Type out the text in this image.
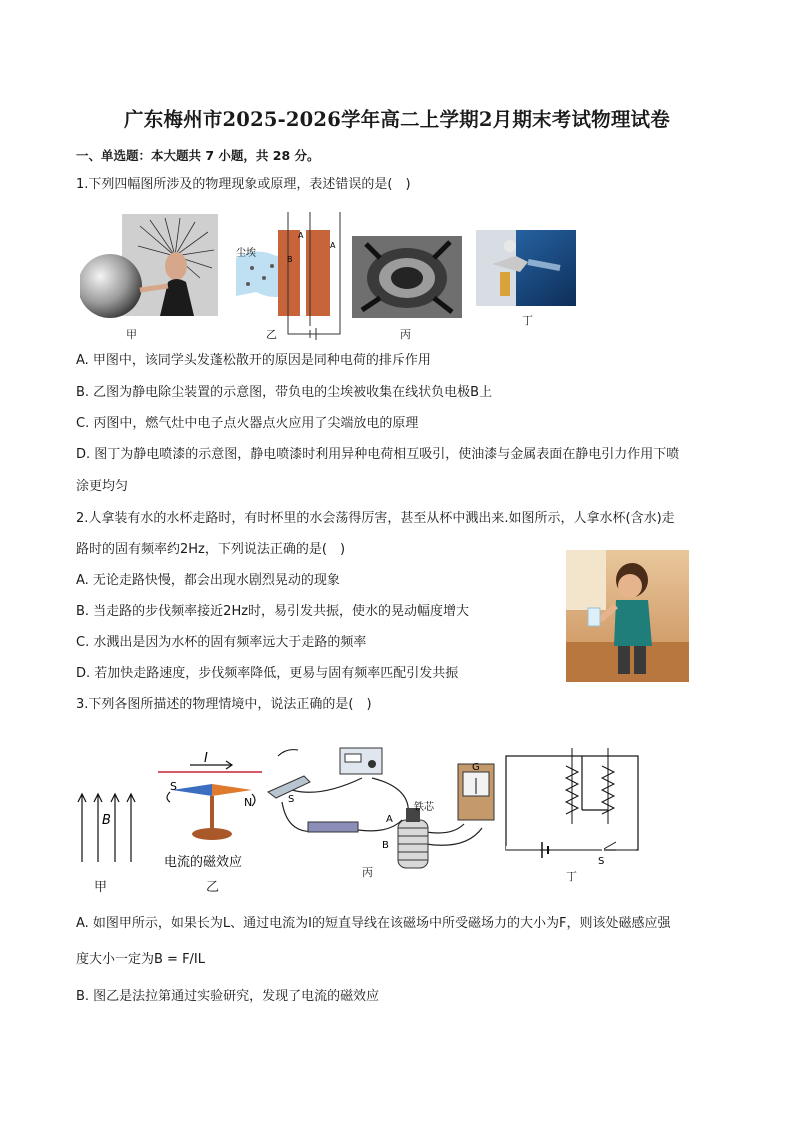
广东梅州市2025-2026学年高二上学期2月期末考试物理试卷
一、单选题：本大题共 7 小题，共 28 分。
1.下列四幅图所涉及的物理现象或原理，表述错误的是(　)
尘埃
A
A
B
甲	乙	丙
丁
A. 甲图中，该同学头发蓬松散开的原因是同种电荷的排斥作用
B. 乙图为静电除尘装置的示意图，带负电的尘埃被收集在线状负电极B上
C. 丙图中，燃气灶中电子点火器点火应用了尖端放电的原理
D. 图丁为静电喷漆的示意图，静电喷漆时利用异种电荷相互吸引，使油漆与金属表面在静电引力作用下喷
涂更均匀
2.人拿装有水的水杯走路时，有时杯里的水会荡得厉害，甚至从杯中溅出来.如图所示，人拿水杯(含水)走
路时的固有频率约2Hz，下列说法正确的是(　)
A. 无论走路快慢，都会出现水剧烈晃动的现象
B. 当走路的步伐频率接近2Hz时，易引发共振，使水的晃动幅度增大
C. 水溅出是因为水杯的固有频率远大于走路的频率
D. 若加快走路速度，步伐频率降低，更易与固有频率匹配引发共振
3.下列各图所描述的物理情境中，说法正确的是(　)
B
I
S
N
电流的磁效应
铁芯
A
B
G
S
S
甲	乙
丙	丁
A. 如图甲所示，如果长为L、通过电流为I的短直导线在该磁场中所受磁场力的大小为F，则该处磁感应强
度大小一定为B = F/IL
B. 图乙是法拉第通过实验研究，发现了电流的磁效应
